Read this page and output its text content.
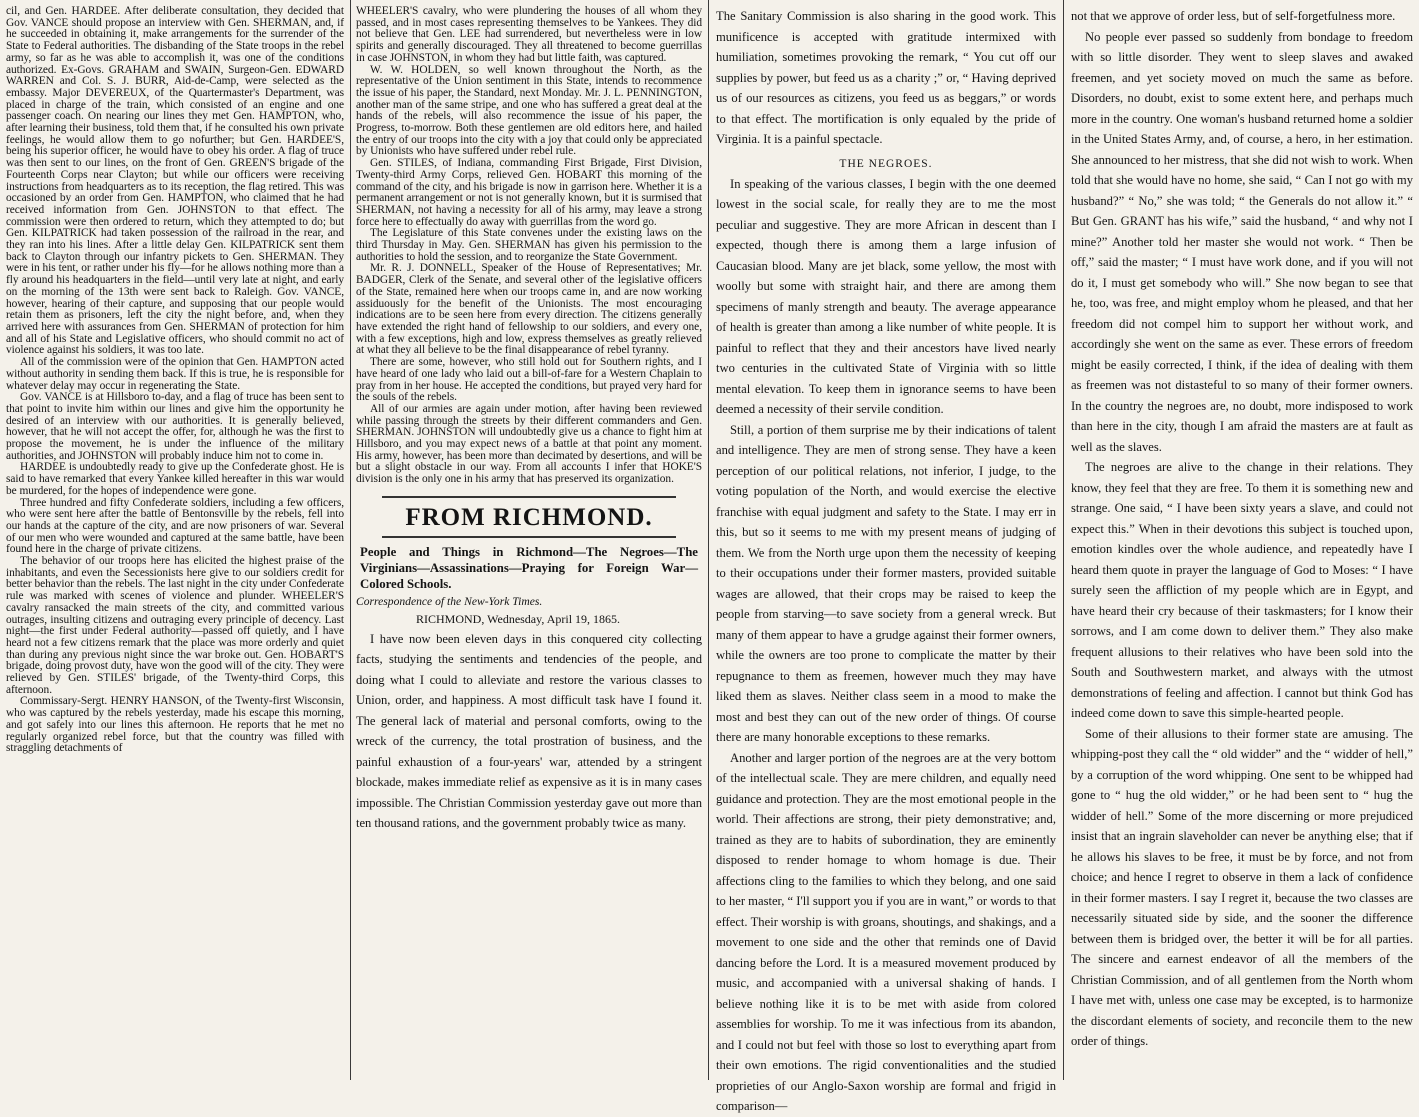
cil, and Gen. HARDEE. After deliberate consultation, they decided that Gov. VANCE should propose an interview with Gen. SHERMAN, and, if he succeeded in obtaining it, make arrangements for the surrender of the State to Federal authorities. The disbanding of the State troops in the rebel army, so far as he was able to accomplish it, was one of the conditions authorized. Ex-Govs. GRAHAM and SWAIN, Surgeon-Gen. EDWARD WARREN and Col. S. J. BURR, Aid-de-Camp, were selected as the embassy. Major DEVEREUX, of the Quartermaster's Department, was placed in charge of the train, which consisted of an engine and one passenger coach. On nearing our lines they met Gen. HAMPTON, who, after learning their business, told them that, if he consulted his own private feelings, he would allow them to go nofurther; but Gen. HARDEE'S, being his superior officer, he would have to obey his order. A flag of truce was then sent to our lines, on the front of Gen. GREEN'S brigade of the Fourteenth Corps near Clayton; but while our officers were receiving instructions from headquarters as to its reception, the flag retired. This was occasioned by an order from Gen. HAMPTON, who claimed that he had received information from Gen. JOHNSTON to that effect. The commission were then ordered to return, which they attempted to do; but Gen. KILPATRICK had taken possession of the railroad in the rear, and they ran into his lines. After a little delay Gen. KILPATRICK sent them back to Clayton through our infantry pickets to Gen. SHERMAN. They were in his tent, or rather under his fly—for he allows nothing more than a fly around his headquarters in the field—until very late at night, and early on the morning of the 13th were sent back to Raleigh. Gov. VANCE, however, hearing of their capture, and supposing that our people would retain them as prisoners, left the city the night before, and, when they arrived here with assurances from Gen. SHERMAN of protection for him and all of his State and Legislative officers, who should commit no act of violence against his soldiers, it was too late.

All of the commission were of the opinion that Gen. HAMPTON acted without authority in sending them back. If this is true, he is responsible for whatever delay may occur in regenerating the State.

Gov. VANCE is at Hillsboro to-day, and a flag of truce has been sent to that point to invite him within our lines and give him the opportunity he desired of an interview with our authorities. It is generally believed, however, that he will not accept the offer, for, although he was the first to propose the movement, he is under the influence of the military authorities, and JOHNSTON will probably induce him not to come in.

HARDEE is undoubtedly ready to give up the Confederate ghost. He is said to have remarked that every Yankee killed hereafter in this war would be murdered, for the hopes of independence were gone.

Three hundred and fifty Confederate soldiers, including a few officers, who were sent here after the battle of Bentonsville by the rebels, fell into our hands at the capture of the city, and are now prisoners of war. Several of our men who were wounded and captured at the same battle, have been found here in the charge of private citizens.

The behavior of our troops here has elicited the highest praise of the inhabitants, and even the Secessionists here give to our soldiers credit for better behavior than the rebels. The last night in the city under Confederate rule was marked with scenes of violence and plunder. WHEELER'S cavalry ransacked the main streets of the city, and committed various outrages, insulting citizens and outraging every principle of decency. Last night—the first under Federal authority—passed off quietly, and I have heard not a few citizens remark that the place was more orderly and quiet than during any previous night since the war broke out. Gen. HOBART'S brigade, doing provost duty, have won the good will of the city. They were relieved by Gen. STILES' brigade, of the Twenty-third Corps, this afternoon.

Commissary-Sergt. HENRY HANSON, of the Twenty-first Wisconsin, who was captured by the rebels yesterday, made his escape this morning, and got safely into our lines this afternoon. He reports that he met no regularly organized rebel force, but that the country was filled with straggling detachments of

WHEELER'S cavalry, who were plundering the houses of all whom they passed, and in most cases representing themselves to be Yankees. They did not believe that Gen. LEE had surrendered, but nevertheless were in low spirits and generally discouraged. They all threatened to become guerrillas in case JOHNSTON, in whom they had but little faith, was captured.

W. W. HOLDEN, so well known throughout the North, as the representative of the Union sentiment in this State, intends to recommence the issue of his paper, the Standard, next Monday. Mr. J. L. PENNINGTON, another man of the same stripe, and one who has suffered a great deal at the hands of the rebels, will also recommence the issue of his paper, the Progress, to-morrow. Both these gentlemen are old editors here, and hailed the entry of our troops into the city with a joy that could only be appreciated by Unionists who have suffered under rebel rule.

Gen. STILES, of Indiana, commanding First Brigade, First Division, Twenty-third Army Corps, relieved Gen. HOBART this morning of the command of the city, and his brigade is now in garrison here. Whether it is a permanent arrangement or not is not generally known, but it is surmised that SHERMAN, not having a necessity for all of his army, may leave a strong force here to effectually do away with guerrillas from the word go.

The Legislature of this State convenes under the existing laws on the third Thursday in May. Gen. SHERMAN has given his permission to the authorities to hold the session, and to reorganize the State Government.

Mr. R. J. DONNELL, Speaker of the House of Representatives; Mr. BADGER, Clerk of the Senate, and several other of the legislative officers of the State, remained here when our troops came in, and are now working assiduously for the benefit of the Unionists. The most encouraging indications are to be seen here from every direction. The citizens generally have extended the right hand of fellowship to our soldiers, and every one, with a few exceptions, high and low, express themselves as greatly relieved at what they all believe to be the final disappearance of rebel tyranny.

There are some, however, who still hold out for Southern rights, and I have heard of one lady who laid out a bill-of-fare for a Western Chaplain to pray from in her house. He accepted the conditions, but prayed very hard for the souls of the rebels.

All of our armies are again under motion, after having been reviewed while passing through the streets by their different commanders and Gen. SHERMAN. JOHNSTON will undoubtedly give us a chance to fight him at Hillsboro, and you may expect news of a battle at that point any moment. His army, however, has been more than decimated by desertions, and will be but a slight obstacle in our way. From all accounts I infer that HOKE'S division is the only one in his army that has preserved its organization.

FROM RICHMOND.

People and Things in Richmond—The Negroes—The Virginians—Assassinations—Praying for Foreign War—Colored Schools.

Correspondence of the New-York Times.

RICHMOND, Wednesday, April 19, 1865.

I have now been eleven days in this conquered city collecting facts, studying the sentiments and tendencies of the people, and doing what I could to alleviate and restore the various classes to Union, order, and happiness. A most difficult task have I found it. The general lack of material and personal comforts, owing to the wreck of the currency, the total prostration of business, and the painful exhaustion of a four-years' war, attended by a stringent blockade, makes immediate relief as expensive as it is in many cases impossible. The Christian Commission yesterday gave out more than ten thousand rations, and the government probably twice as many.

The Sanitary Commission is also sharing in the good work. This munificence is accepted with gratitude intermixed with humiliation, sometimes provoking the remark, “ You cut off our supplies by power, but feed us as a charity ;” or, “ Having deprived us of our resources as citizens, you feed us as beggars,” or words to that effect. The mortification is only equaled by the pride of Virginia. It is a painful spectacle.

THE NEGROES.

In speaking of the various classes, I begin with the one deemed lowest in the social scale, for really they are to me the most peculiar and suggestive. They are more African in descent than I expected, though there is among them a large infusion of Caucasian blood. Many are jet black, some yellow, the most with woolly but some with straight hair, and there are among them specimens of manly strength and beauty. The average appearance of health is greater than among a like number of white people. It is painful to reflect that they and their ancestors have lived nearly two centuries in the cultivated State of Virginia with so little mental elevation. To keep them in ignorance seems to have been deemed a necessity of their servile condition.

Still, a portion of them surprise me by their indications of talent and intelligence. They are men of strong sense. They have a keen perception of our political relations, not inferior, I judge, to the voting population of the North, and would exercise the elective franchise with equal judgment and safety to the State. I may err in this, but so it seems to me with my present means of judging of them. We from the North urge upon them the necessity of keeping to their occupations under their former masters, provided suitable wages are allowed, that their crops may be raised to keep the people from starving—to save society from a general wreck. But many of them appear to have a grudge against their former owners, while the owners are too prone to complicate the matter by their repugnance to them as freemen, however much they may have liked them as slaves. Neither class seem in a mood to make the most and best they can out of the new order of things. Of course there are many honorable exceptions to these remarks.

Another and larger portion of the negroes are at the very bottom of the intellectual scale. They are mere children, and equally need guidance and protection. They are the most emotional people in the world. Their affections are strong, their piety demonstrative; and, trained as they are to habits of subordination, they are eminently disposed to render homage to whom homage is due. Their affections cling to the families to which they belong, and one said to her master, “ I'll support you if you are in want,” or words to that effect. Their worship is with groans, shoutings, and shakings, and a movement to one side and the other that reminds one of David dancing before the Lord. It is a measured movement produced by music, and accompanied with a universal shaking of hands. I believe nothing like it is to be met with aside from colored assemblies for worship. To me it was infectious from its abandon, and I could not but feel with those so lost to everything apart from their own emotions. The rigid conventionalities and the studied proprieties of our Anglo-Saxon worship are formal and frigid in comparison—

not that we approve of order less, but of self-forgetfulness more.

No people ever passed so suddenly from bondage to freedom with so little disorder. They went to sleep slaves and awaked freemen, and yet society moved on much the same as before. Disorders, no doubt, exist to some extent here, and perhaps much more in the country. One woman's husband returned home a soldier in the United States Army, and, of course, a hero, in her estimation. She announced to her mistress, that she did not wish to work. When told that she would have no home, she said, “ Can I not go with my husband?” “ No,” she was told; “ the Generals do not allow it.” “ But Gen. GRANT has his wife,” said the husband, “ and why not I mine?” Another told her master she would not work. “ Then be off,” said the master; “ I must have work done, and if you will not do it, I must get somebody who will.” She now began to see that he, too, was free, and might employ whom he pleased, and that her freedom did not compel him to support her without work, and accordingly she went on the same as ever. These errors of freedom might be easily corrected, I think, if the idea of dealing with them as freemen was not distasteful to so many of their former owners. In the country the negroes are, no doubt, more indisposed to work than here in the city, though I am afraid the masters are at fault as well as the slaves.

The negroes are alive to the change in their relations. They know, they feel that they are free. To them it is something new and strange. One said, “ I have been sixty years a slave, and could not expect this.” When in their devotions this subject is touched upon, emotion kindles over the whole audience, and repeatedly have I heard them quote in prayer the language of God to Moses: “ I have surely seen the affliction of my people which are in Egypt, and have heard their cry because of their taskmasters; for I know their sorrows, and I am come down to deliver them.” They also make frequent allusions to their relatives who have been sold into the South and Southwestern market, and always with the utmost demonstrations of feeling and affection. I cannot but think God has indeed come down to save this simple-hearted people.

Some of their allusions to their former state are amusing. The whipping-post they call the “ old widder” and the “ widder of hell,” by a corruption of the word whipping. One sent to be whipped had gone to “ hug the old widder,” or he had been sent to “ hug the widder of hell.” Some of the more discerning or more prejudiced insist that an ingrain slaveholder can never be anything else; that if he allows his slaves to be free, it must be by force, and not from choice; and hence I regret to observe in them a lack of confidence in their former masters. I say I regret it, because the two classes are necessarily situated side by side, and the sooner the difference between them is bridged over, the better it will be for all parties. The sincere and earnest endeavor of all the members of the Christian Commission, and of all gentlemen from the North whom I have met with, unless one case may be excepted, is to harmonize the discordant elements of society, and reconcile them to the new order of things.
